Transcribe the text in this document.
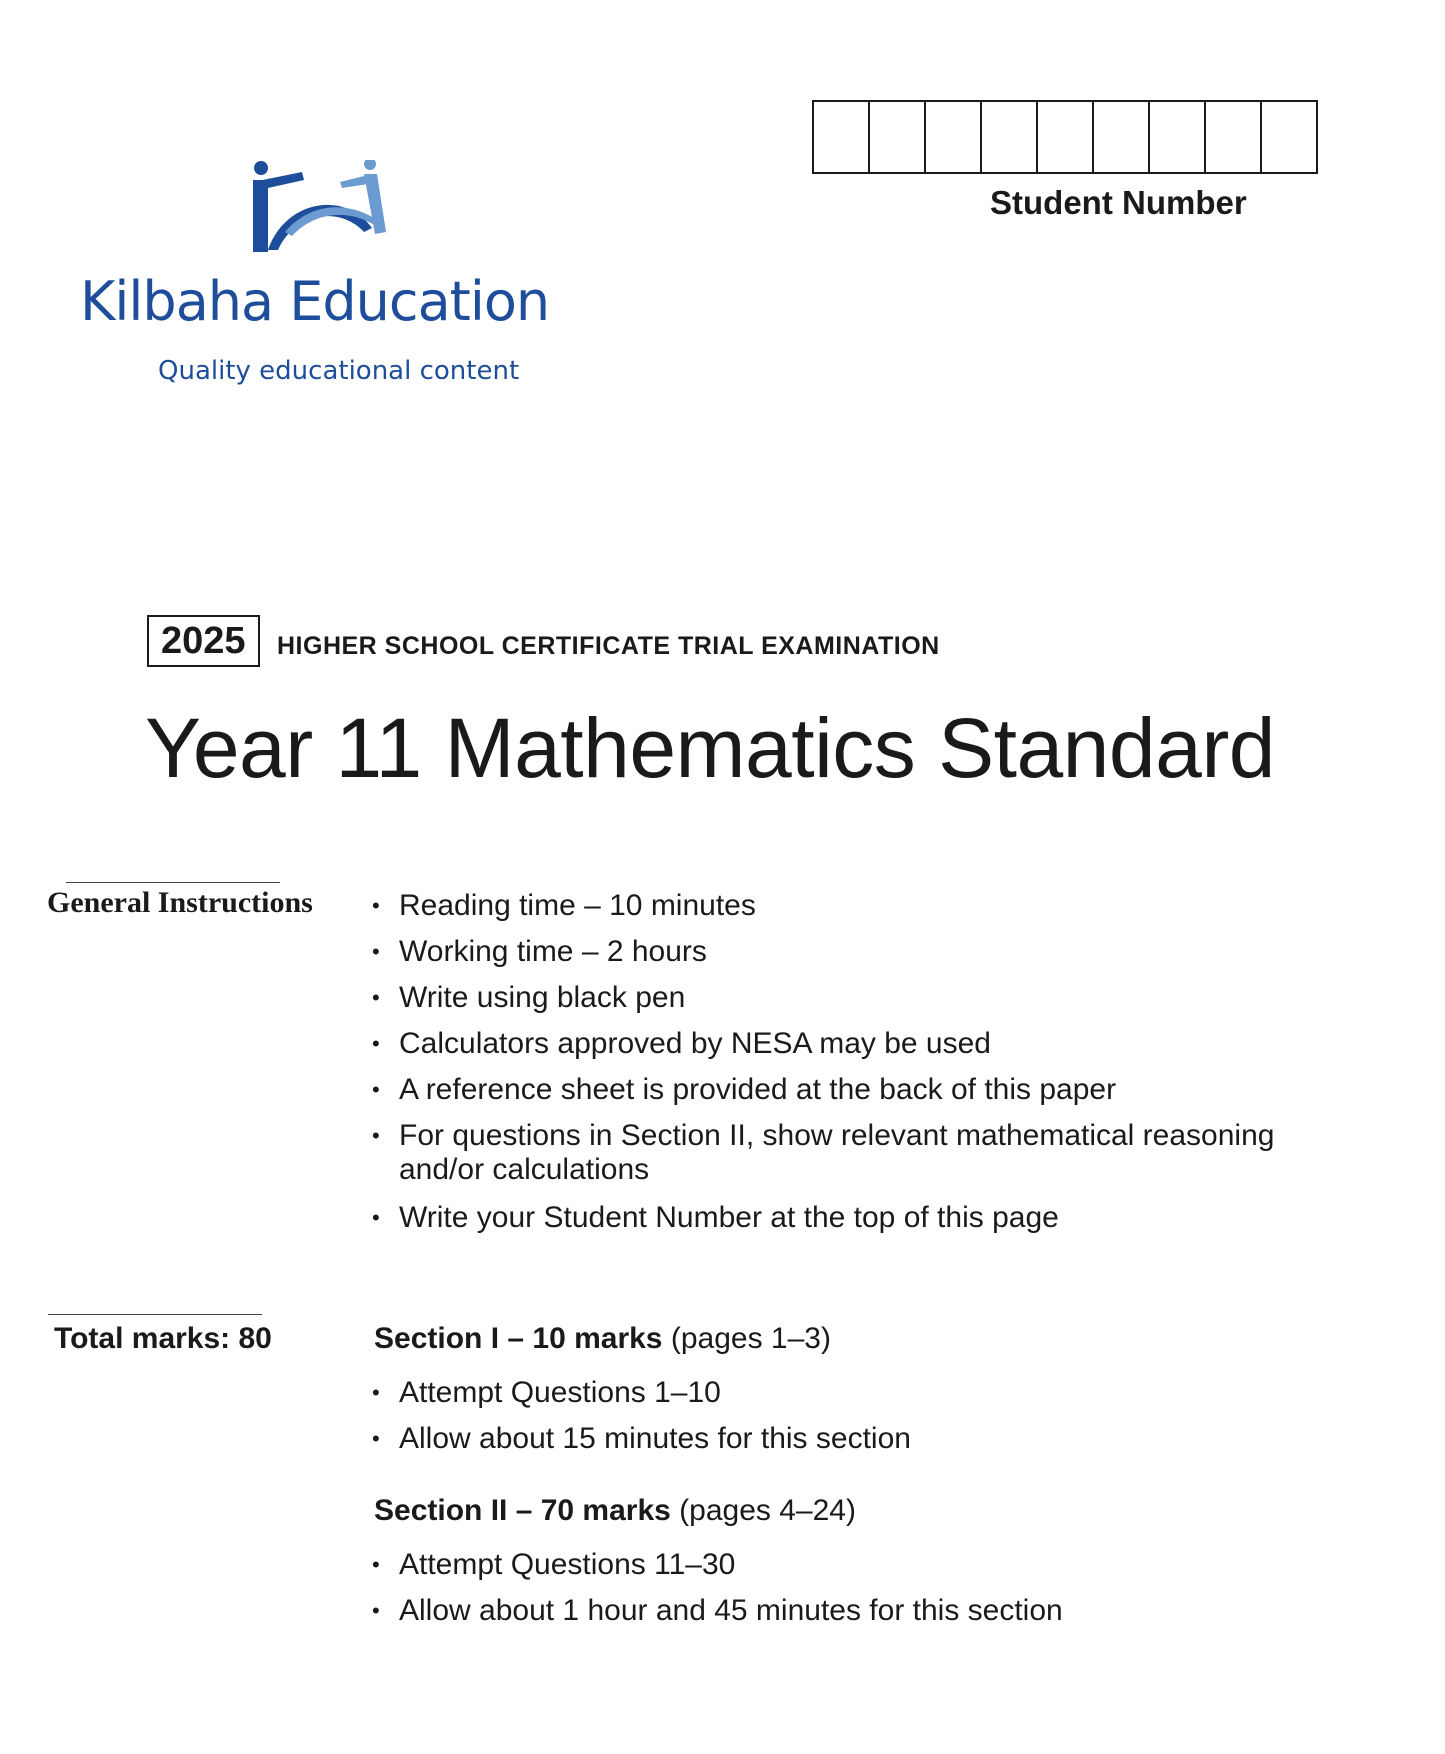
Kilbaha Education
Quality educational content
Student Number
2025	HIGHER SCHOOL CERTIFICATE TRIAL EXAMINATION
Year 11 Mathematics Standard
General Instructions
•	Reading time – 10 minutes
• Working time – 2 hours
• Write using black pen
• Calculators approved by NESA may be used
• A reference sheet is provided at the back of this paper
• For questions in Section II, show relevant mathematical reasoning and/or calculations
• Write your Student Number at the top of this page
Total marks: 80	Section I – 10 marks (pages 1–3)
• Attempt Questions 1–10
• Allow about 15 minutes for this section
Section II – 70 marks (pages 4–24)
• Attempt Questions 11–30
• Allow about 1 hour and 45 minutes for this section
